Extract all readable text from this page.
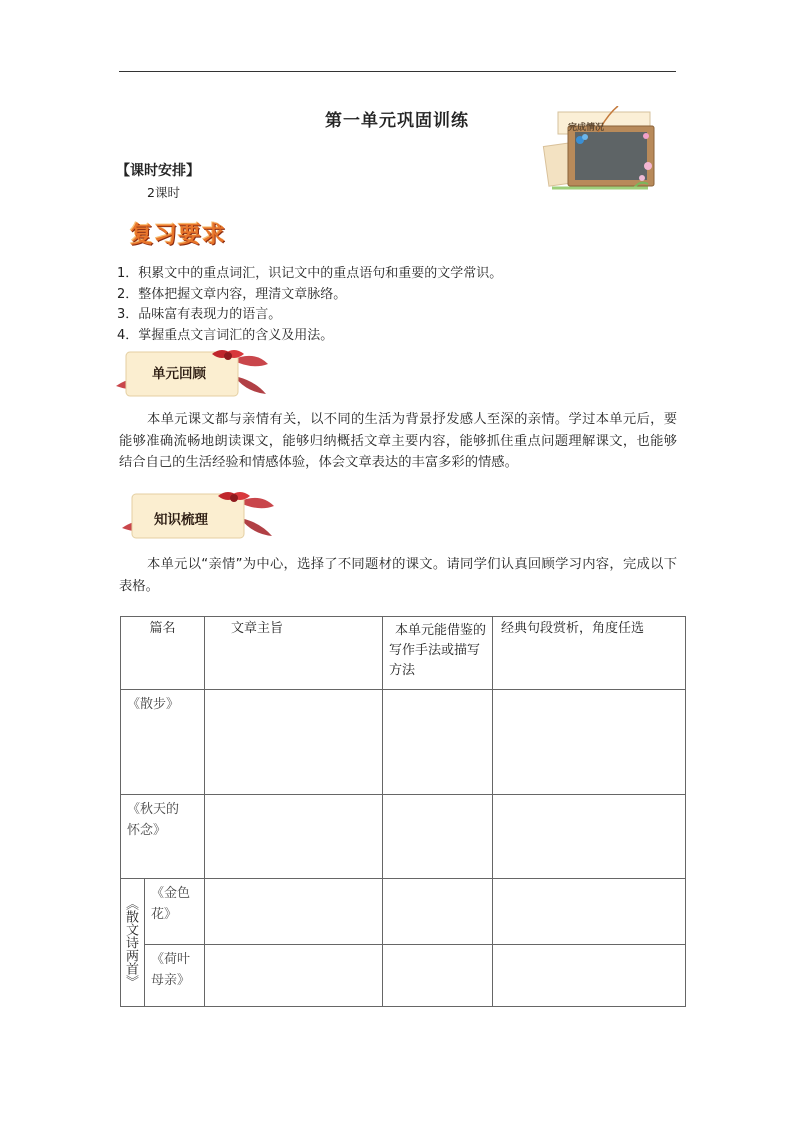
第一单元巩固训练	完成情况
【课时安排】
2课时
复习要求
1．积累文中的重点词汇，识记文中的重点语句和重要的文学常识。
2．整体把握文章内容，理清文章脉络。
3．品味富有表现力的语言。
4．掌握重点文言词汇的含义及用法。
单元回顾
本单元课文都与亲情有关，以不同的生活为背景抒发感人至深的亲情。学过本单元后，要能够准确流畅地朗读课文，能够归纳概括文章主要内容，能够抓住重点问题理解课文，也能够结合自己的生活经验和情感体验，体会文章表达的丰富多彩的情感。
知识梳理
本单元以“亲情”为中心，选择了不同题材的课文。请同学们认真回顾学习内容，完成以下表格。
篇名		文章主旨	本单元能借鉴的写作手法或描写方法	经典句段赏析，角度任选

《散步》				

《秋天的怀念》				

《散文诗两首》	《金色花》			

	《荷叶母亲》			
